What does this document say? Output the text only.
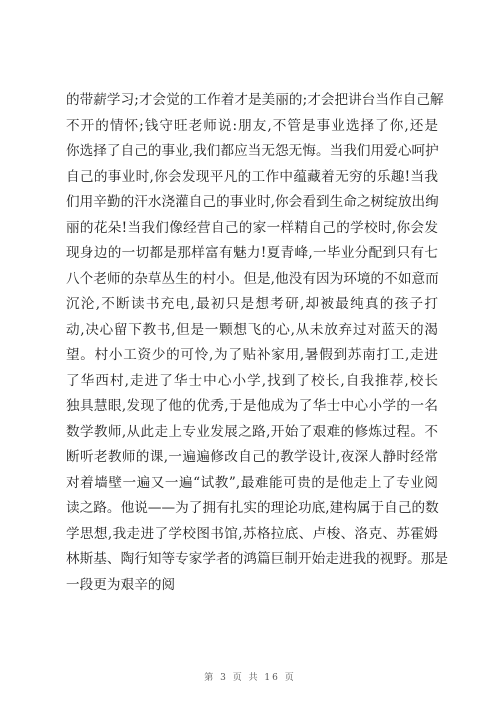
的带薪学习;才会觉的工作着才是美丽的;才会把讲台当作自己解
不开的情怀;钱守旺老师说:朋友,不管是事业选择了你,还是
你选择了自己的事业,我们都应当无怨无悔。当我们用爱心呵护
自己的事业时,你会发现平凡的工作中蕴藏着无穷的乐趣!当我
们用辛勤的汗水浇灌自己的事业时,你会看到生命之树绽放出绚
丽的花朵!当我们像经营自己的家一样精自己的学校时,你会发
现身边的一切都是那样富有魅力!夏青峰,一毕业分配到只有七
八个老师的杂草丛生的村小。但是,他没有因为环境的不如意而
沉沦,不断读书充电,最初只是想考研,却被最纯真的孩子打
动,决心留下教书,但是一颗想飞的心,从未放弃过对蓝天的渴
望。村小工资少的可怜,为了贴补家用,暑假到苏南打工,走进
了华西村,走进了华士中心小学,找到了校长,自我推荐,校长
独具慧眼,发现了他的优秀,于是他成为了华士中心小学的一名
数学教师,从此走上专业发展之路,开始了艰难的修炼过程。不
断听老教师的课,一遍遍修改自己的教学设计,夜深人静时经常
对着墙壁一遍又一遍“试教”,最难能可贵的是他走上了专业阅
读之路。他说——为了拥有扎实的理论功底,建构属于自己的数
学思想,我走进了学校图书馆,苏格拉底、卢梭、洛克、苏霍姆
林斯基、陶行知等专家学者的鸿篇巨制开始走进我的视野。那是
一段更为艰辛的阅
第 3 页 共 16 页
